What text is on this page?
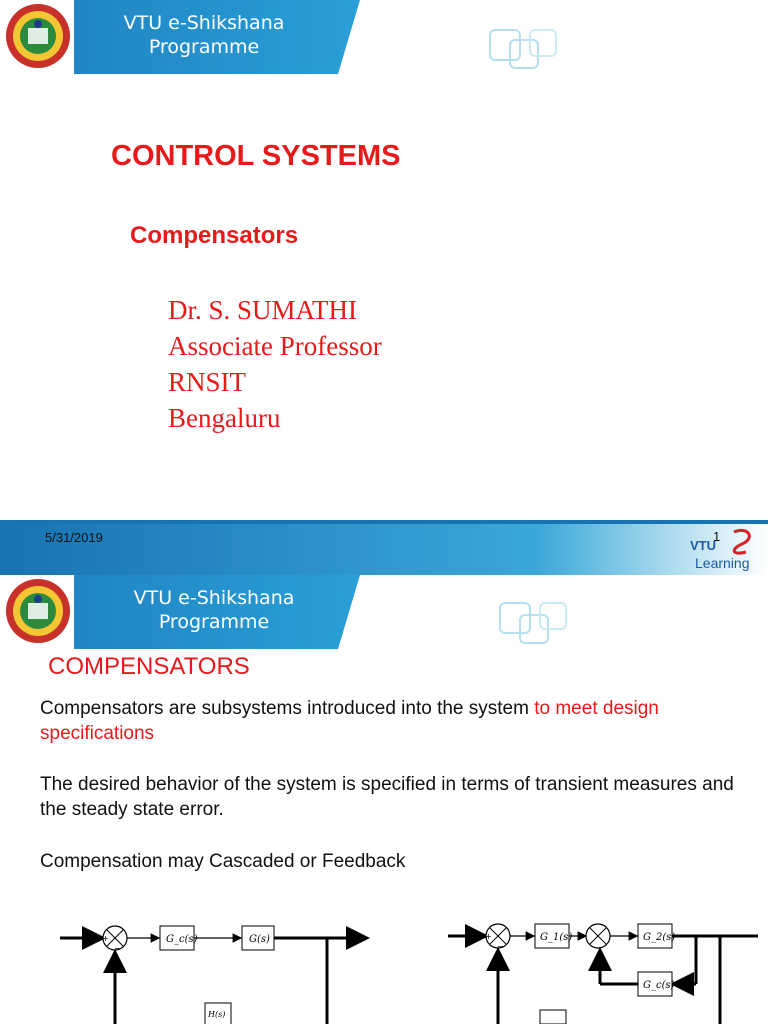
VTU e-Shikshana
Programme
CONTROL SYSTEMS
Compensators
Dr. S. SUMATHI
Associate Professor
RNSIT
Bengaluru
5/31/2019	1
VTU
Learning
VTU e-Shikshana
Programme
COMPENSATORS
Compensators are subsystems introduced into the system to meet design specifications
The desired behavior of the system is specified in terms of transient measures and the steady state error.
Compensation may Cascaded or Feedback
+
−
G_c(s)	G(s)
H(s)
+
−
G_1(s)	G_2(s)
G_c(s)
